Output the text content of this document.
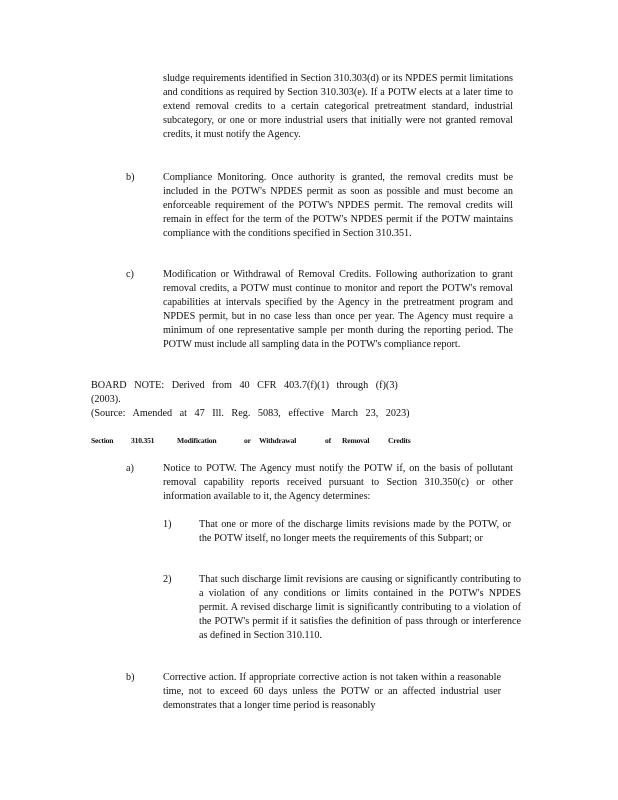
sludge requirements identified in Section 310.303(d) or its NPDES permit limitations and conditions as required by Section 310.303(e). If a POTW elects at a later time to extend removal credits to a certain categorical pretreatment standard, industrial subcategory, or one or more industrial users that initially were not granted removal credits, it must notify the Agency.

b)	Compliance Monitoring. Once authority is granted, the removal credits must be included in the POTW's NPDES permit as soon as possible and must become an enforceable requirement of the POTW's NPDES permit. The removal credits will remain in effect for the term of the POTW's NPDES permit if the POTW maintains compliance with the conditions specified in Section 310.351.

c)	Modification or Withdrawal of Removal Credits. Following authorization to grant removal credits, a POTW must continue to monitor and report the POTW's removal capabilities at intervals specified by the Agency in the pretreatment program and NPDES permit, but in no case less than once per year. The Agency must require a minimum of one representative sample per month during the reporting period. The POTW must include all sampling data in the POTW's compliance report.

BOARD NOTE: Derived from 40 CFR 403.7(f)(1) through (f)(3) (2003).
(Source: Amended at 47 Ill. Reg. 5083, effective March 23, 2023)
Section 310.351	Modification	or Withdrawal	of Removal Credits
a)	Notice to POTW. The Agency must notify the POTW if, on the basis of pollutant removal capability reports received pursuant to Section 310.350(c) or other information available to it, the Agency determines:

1)	That one or more of the discharge limits revisions made by the POTW, or the POTW itself, no longer meets the requirements of this Subpart; or

2)	That such discharge limit revisions are causing or significantly contributing to a violation of any conditions or limits contained in the POTW's NPDES permit. A revised discharge limit is significantly contributing to a violation of the POTW's permit if it satisfies the definition of pass through or interference as defined in Section 310.110.

b)	Corrective action. If appropriate corrective action is not taken within a reasonable time, not to exceed 60 days unless the POTW or an affected industrial user demonstrates that a longer time period is reasonably
